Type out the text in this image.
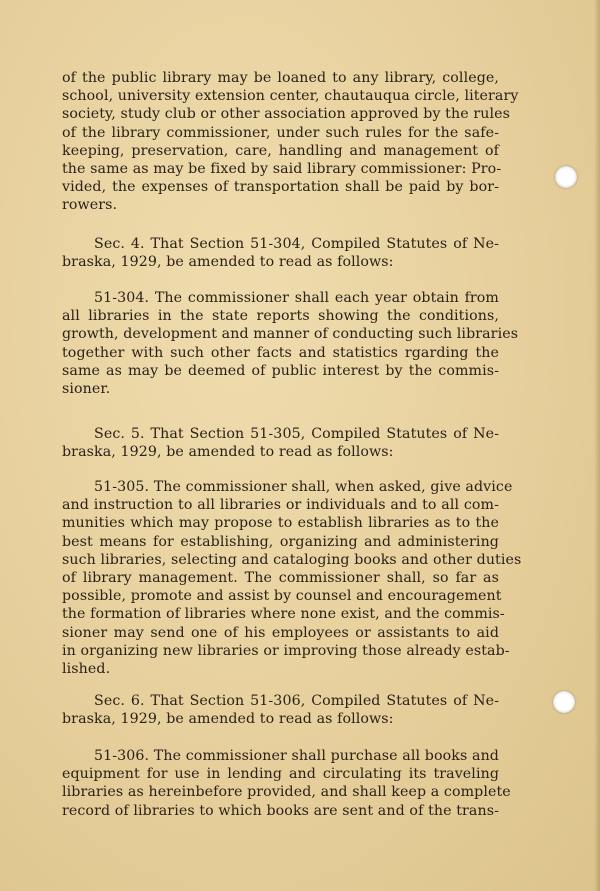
of the public library may be loaned to any library, college,
school, university extension center, chautauqua circle, literary
society, study club or other association approved by the rules
of the library commissioner, under such rules for the safe-
keeping, preservation, care, handling and management of
the same as may be fixed by said library commissioner: Pro-
vided, the expenses of transportation shall be paid by bor-
rowers.
Sec. 4. That Section 51-304, Compiled Statutes of Ne-
braska, 1929, be amended to read as follows:
51-304. The commissioner shall each year obtain from
all libraries in the state reports showing the conditions,
growth, development and manner of conducting such libraries
together with such other facts and statistics rgarding the
same as may be deemed of public interest by the commis-
sioner.
Sec. 5. That Section 51-305, Compiled Statutes of Ne-
braska, 1929, be amended to read as follows:
51-305. The commissioner shall, when asked, give advice
and instruction to all libraries or individuals and to all com-
munities which may propose to establish libraries as to the
best means for establishing, organizing and administering
such libraries, selecting and cataloging books and other duties
of library management. The commissioner shall, so far as
possible, promote and assist by counsel and encouragement
the formation of libraries where none exist, and the commis-
sioner may send one of his employees or assistants to aid
in organizing new libraries or improving those already estab-
lished.
Sec. 6. That Section 51-306, Compiled Statutes of Ne-
braska, 1929, be amended to read as follows:
51-306. The commissioner shall purchase all books and
equipment for use in lending and circulating its traveling
libraries as hereinbefore provided, and shall keep a complete
record of libraries to which books are sent and of the trans-
